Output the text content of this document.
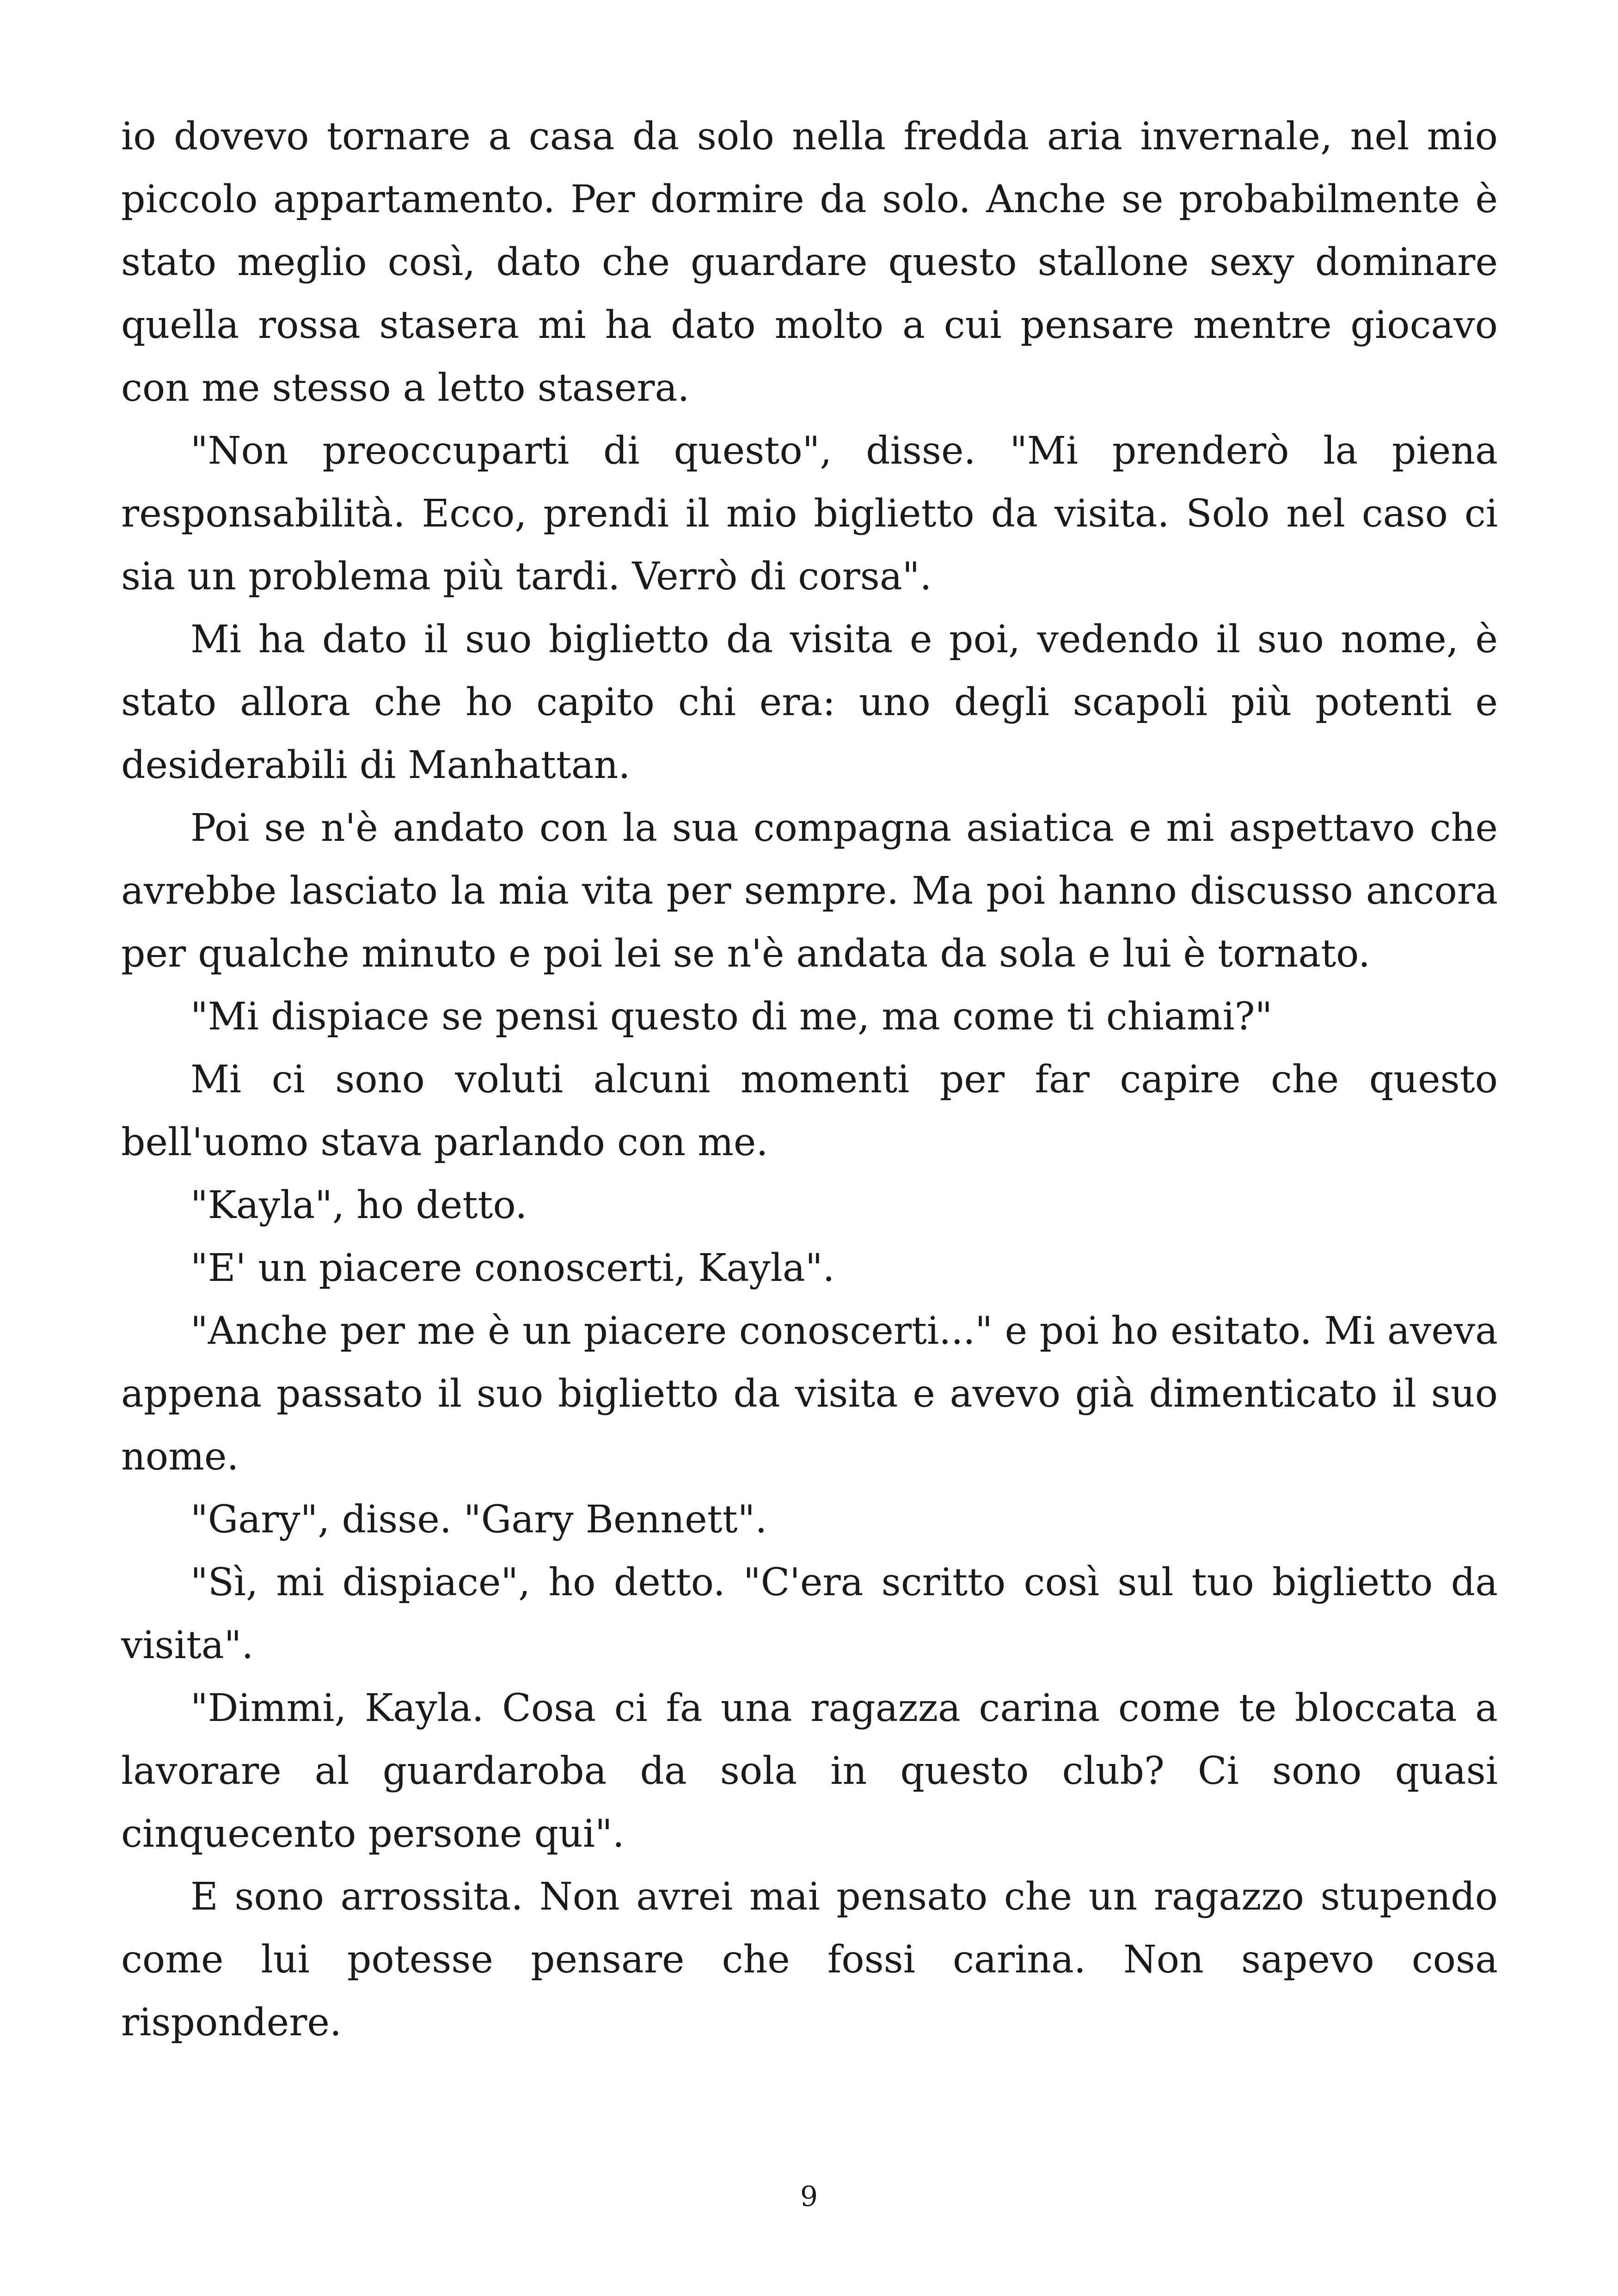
io dovevo tornare a casa da solo nella fredda aria invernale, nel mio piccolo appartamento. Per dormire da solo. Anche se probabilmente è stato meglio così, dato che guardare questo stallone sexy dominare quella rossa stasera mi ha dato molto a cui pensare mentre giocavo con me stesso a letto stasera.

"Non preoccuparti di questo", disse. "Mi prenderò la piena responsabilità. Ecco, prendi il mio biglietto da visita. Solo nel caso ci sia un problema più tardi. Verrò di corsa".

Mi ha dato il suo biglietto da visita e poi, vedendo il suo nome, è stato allora che ho capito chi era: uno degli scapoli più potenti e desiderabili di Manhattan.

Poi se n'è andato con la sua compagna asiatica e mi aspettavo che avrebbe lasciato la mia vita per sempre. Ma poi hanno discusso ancora per qualche minuto e poi lei se n'è andata da sola e lui è tornato.

"Mi dispiace se pensi questo di me, ma come ti chiami?"

Mi ci sono voluti alcuni momenti per far capire che questo bell'uomo stava parlando con me.

"Kayla", ho detto.

"E' un piacere conoscerti, Kayla".

"Anche per me è un piacere conoscerti..." e poi ho esitato. Mi aveva appena passato il suo biglietto da visita e avevo già dimenticato il suo nome.

"Gary", disse. "Gary Bennett".

"Sì, mi dispiace", ho detto. "C'era scritto così sul tuo biglietto da visita".

"Dimmi, Kayla. Cosa ci fa una ragazza carina come te bloccata a lavorare al guardaroba da sola in questo club? Ci sono quasi cinquecento persone qui".

E sono arrossita. Non avrei mai pensato che un ragazzo stupendo come lui potesse pensare che fossi carina. Non sapevo cosa rispondere.

9
